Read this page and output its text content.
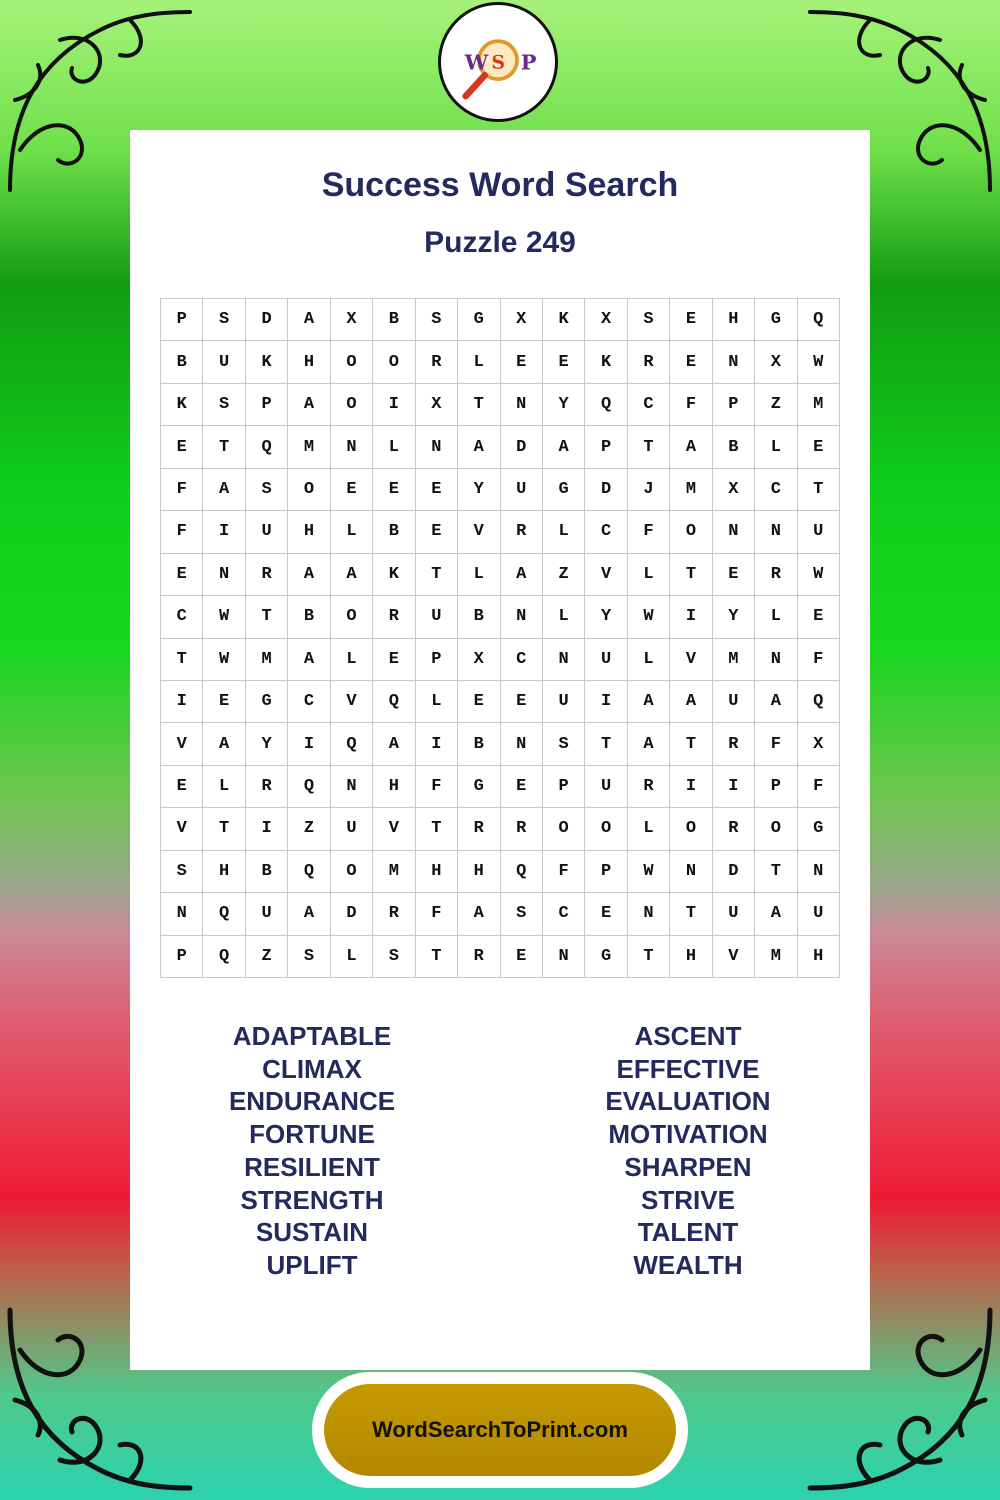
W S P
Success Word Search
Puzzle 249
P	S	D	A	X	B	S	G	X	K	X	S	E	H	G	Q
B	U	K	H	O	O	R	L	E	E	K	R	E	N	X	W
K	S	P	A	O	I	X	T	N	Y	Q	C	F	P	Z	M
E	T	Q	M	N	L	N	A	D	A	P	T	A	B	L	E
F	A	S	O	E	E	E	Y	U	G	D	J	M	X	C	T
F	I	U	H	L	B	E	V	R	L	C	F	O	N	N	U
E	N	R	A	A	K	T	L	A	Z	V	L	T	E	R	W
C	W	T	B	O	R	U	B	N	L	Y	W	I	Y	L	E
T	W	M	A	L	E	P	X	C	N	U	L	V	M	N	F
I	E	G	C	V	Q	L	E	E	U	I	A	A	U	A	Q
V	A	Y	I	Q	A	I	B	N	S	T	A	T	R	F	X
E	L	R	Q	N	H	F	G	E	P	U	R	I	I	P	F
V	T	I	Z	U	V	T	R	R	O	O	L	O	R	O	G
S	H	B	Q	O	M	H	H	Q	F	P	W	N	D	T	N
N	Q	U	A	D	R	F	A	S	C	E	N	T	U	A	U
P	Q	Z	S	L	S	T	R	E	N	G	T	H	V	M	H
ADAPTABLE
CLIMAX
ENDURANCE
FORTUNE
RESILIENT
STRENGTH
SUSTAIN
UPLIFT
ASCENT
EFFECTIVE
EVALUATION
MOTIVATION
SHARPEN
STRIVE
TALENT
WEALTH
WordSearchToPrint.com
